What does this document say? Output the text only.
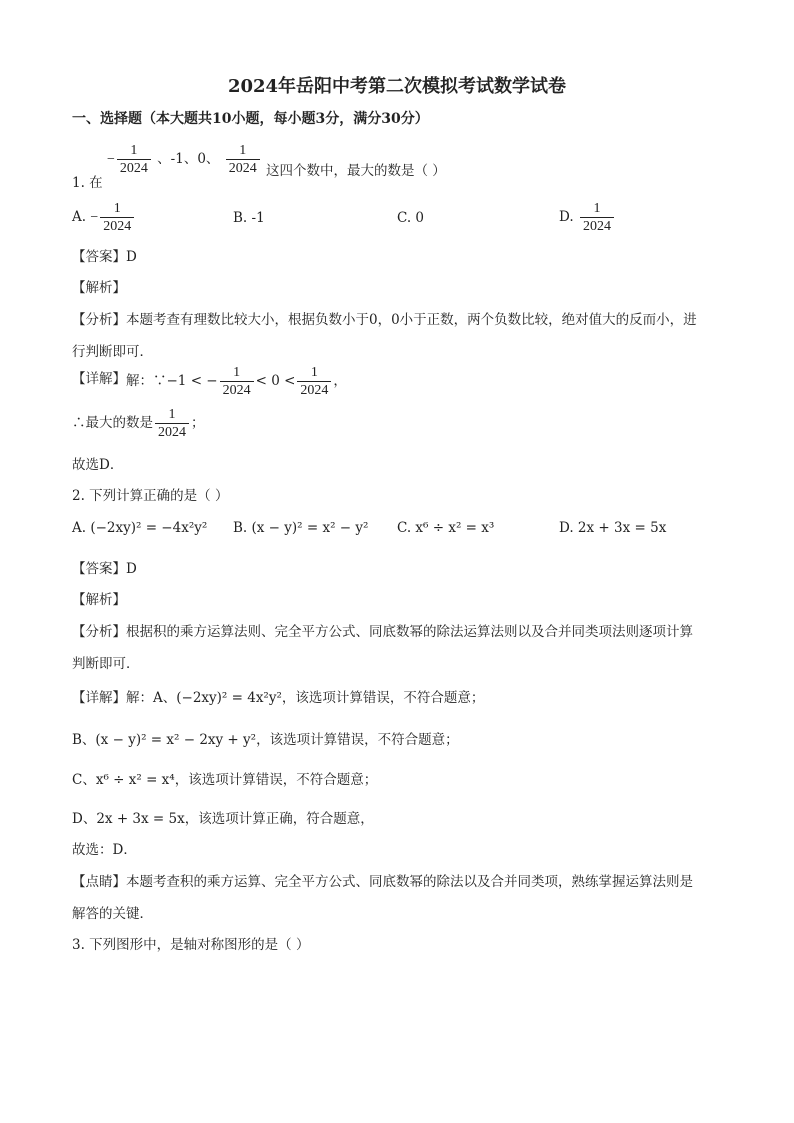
2024年岳阳中考第二次模拟考试数学试卷
一、选择题（本大题共10小题，每小题3分，满分30分）
1. 在 − $\frac{1}{2024}$ 、-1、0、 $\frac{1}{2024}$ 这四个数中，最大的数是（ ）
A. − $\frac{1}{2024}$	B. -1	C. 0	D. $\frac{1}{2024}$
【答案】D
【解析】
【分析】本题考查有理数比较大小，根据负数小于0，0小于正数，两个负数比较，绝对值大的反而小，进
行判断即可．
【详解】解：∵−1 < − $\frac{1}{2024} < 0 < \frac{1}{2024}$ ，
∴最大的数是 $\frac{1}{2024}$ ；
故选D．
2. 下列计算正确的是（ ）
A. (−2xy)² = −4x²y² B. (x − y)² = x² − y² C. x⁶ ÷ x² = x³	D. 2x + 3x = 5x
【答案】D
【解析】
【分析】根据积的乘方运算法则、完全平方公式、同底数幂的除法运算法则以及合并同类项法则逐项计算
判断即可．
【详解】解：A、(−2xy)² = 4x²y²，该选项计算错误，不符合题意；
B、(x − y)² = x² − 2xy + y²，该选项计算错误，不符合题意；
C、x⁶ ÷ x² = x⁴，该选项计算错误，不符合题意；
D、2x + 3x = 5x，该选项计算正确，符合题意，
故选：D．
【点睛】本题考查积的乘方运算、完全平方公式、同底数幂的除法以及合并同类项，熟练掌握运算法则是
解答的关键．
3. 下列图形中，是轴对称图形的是（ ）
